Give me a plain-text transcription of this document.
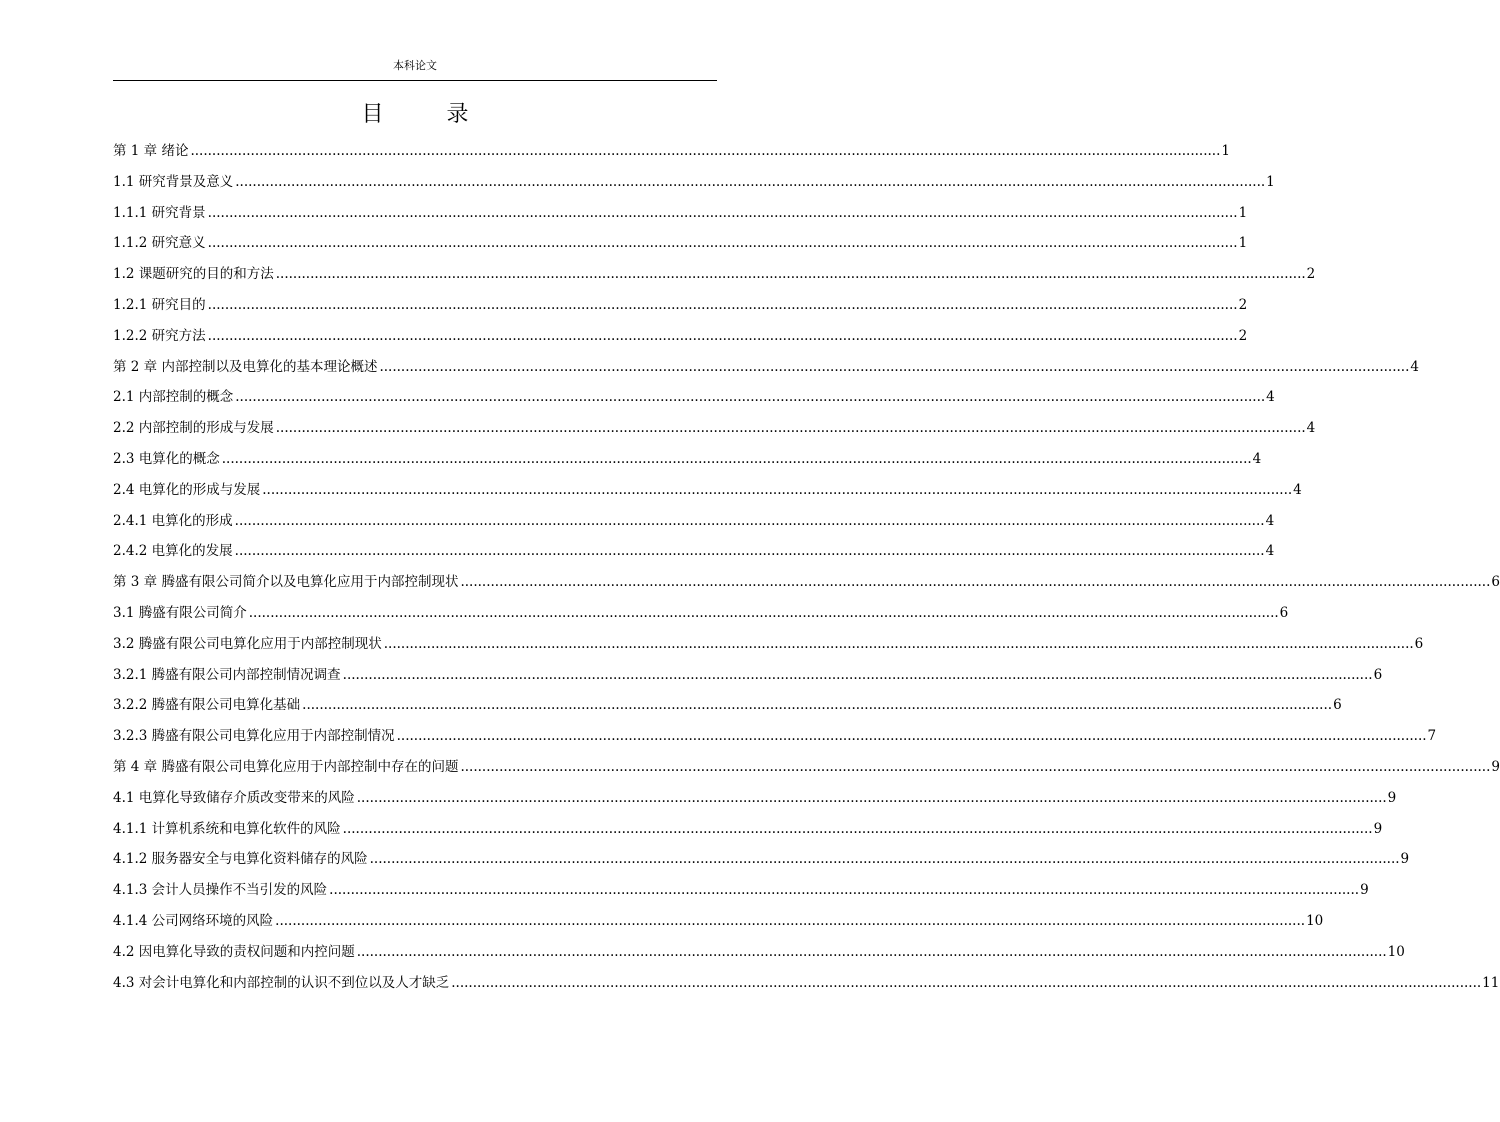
本科论文
目 录
第 1 章 绪论 ................................................................................................................................................................................................................................................ 1
1.1 研究背景及意义 ................................................................................................................................................................................................................................................ 1
1.1.1 研究背景 ................................................................................................................................................................................................................................................ 1
1.1.2 研究意义 ................................................................................................................................................................................................................................................ 1
1.2 课题研究的目的和方法 ................................................................................................................................................................................................................................................ 2
1.2.1 研究目的 ................................................................................................................................................................................................................................................ 2
1.2.2 研究方法 ................................................................................................................................................................................................................................................ 2
第 2 章 内部控制以及电算化的基本理论概述 ................................................................................................................................................................................................................................................ 4
2.1 内部控制的概念 ................................................................................................................................................................................................................................................ 4
2.2 内部控制的形成与发展 ................................................................................................................................................................................................................................................ 4
2.3 电算化的概念 ................................................................................................................................................................................................................................................ 4
2.4 电算化的形成与发展 ................................................................................................................................................................................................................................................ 4
2.4.1 电算化的形成 ................................................................................................................................................................................................................................................ 4
2.4.2 电算化的发展 ................................................................................................................................................................................................................................................ 4
第 3 章 腾盛有限公司简介以及电算化应用于内部控制现状 ................................................................................................................................................................................................................................................ 6
3.1 腾盛有限公司简介 ................................................................................................................................................................................................................................................ 6
3.2 腾盛有限公司电算化应用于内部控制现状 ................................................................................................................................................................................................................................................ 6
3.2.1 腾盛有限公司内部控制情况调查 ................................................................................................................................................................................................................................................ 6
3.2.2 腾盛有限公司电算化基础 ................................................................................................................................................................................................................................................ 6
3.2.3 腾盛有限公司电算化应用于内部控制情况 ................................................................................................................................................................................................................................................ 7
第 4 章 腾盛有限公司电算化应用于内部控制中存在的问题 ................................................................................................................................................................................................................................................ 9
4.1 电算化导致储存介质改变带来的风险 ................................................................................................................................................................................................................................................ 9
4.1.1 计算机系统和电算化软件的风险 ................................................................................................................................................................................................................................................ 9
4.1.2 服务器安全与电算化资料储存的风险 ................................................................................................................................................................................................................................................ 9
4.1.3 会计人员操作不当引发的风险 ................................................................................................................................................................................................................................................ 9
4.1.4 公司网络环境的风险 ................................................................................................................................................................................................................................................ 10
4.2 因电算化导致的责权问题和内控问题 ................................................................................................................................................................................................................................................ 10
4.3 对会计电算化和内部控制的认识不到位以及人才缺乏 ................................................................................................................................................................................................................................................ 11
